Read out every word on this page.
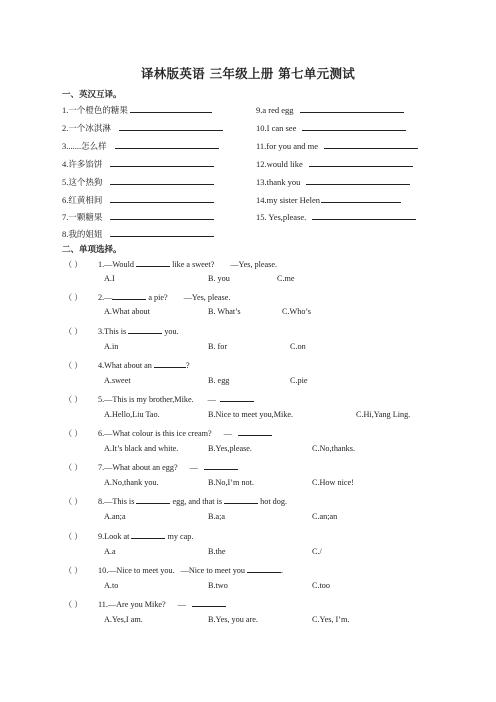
译林版英语 三年级上册 第七单元测试
一、英汉互译。
1.一个橙色的糖果
2.一个冰淇淋
3.......怎么样
4.许多馅饼
5.这个热狗
6.红黄相间
7.一颗糖果
8.我的姐姐
9.a red egg
10.I can see
11.for you and me
12.would like
13.thank you
14.my sister Helen
15. Yes,please.
二、单项选择。
（ ） 1.—Would	like a sweet? —Yes, please.
A.I	B. you	C.me
（ ） 2.—	a pie? —Yes, please.
A.What about	B. What’s	C.Who’s
（ ） 3.This is	you.
A.in	B. for	C.on
（ ） 4.What about an	?
A.sweet	B. egg	C.pie
（ ） 5.—This is my brother,Mike. —
A.Hello,Liu Tao.	B.Nice to meet you,Mike.	C.Hi,Yang Ling.
（ ） 6.—What colour is this ice cream? —
A.It’s black and white.	B.Yes,please.	C.No,thanks.
（ ） 7.—What about an egg? —
A.No,thank you.	B.No,I’m not.	C.How nice!
（ ） 8.—This is	egg, and that is	hot dog.
A.an;a	B.a;a	C.an;an
（ ） 9.Look at	my cap.
A.a	B.the	C./
（ ） 10.—Nice to meet you. —Nice to meet you	.
A.to	B.two	C.too
（ ） 11.—Are you Mike? —
A.Yes,I am.	B.Yes, you are.	C.Yes, I’m.
